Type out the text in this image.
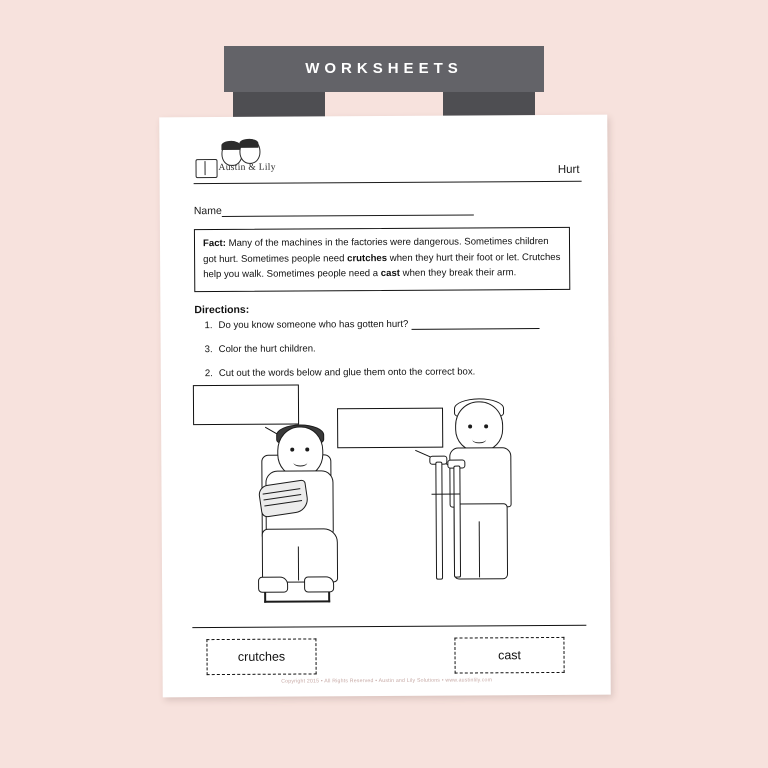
WORKSHEETS
Austin & Lily	Hurt
Name
Fact: Many of the machines in the factories were dangerous. Sometimes children got hurt. Sometimes people need crutches when they hurt their foot or let. Crutches help you walk. Sometimes people need a cast when they break their arm.
Directions:
1. Do you know someone who has gotten hurt?
3. Color the hurt children.
2. Cut out the words below and glue them onto the correct box.
crutches	cast
Copyright 2015 • All Rights Reserved • Austin and Lily Solutions • www.austinlily.com
